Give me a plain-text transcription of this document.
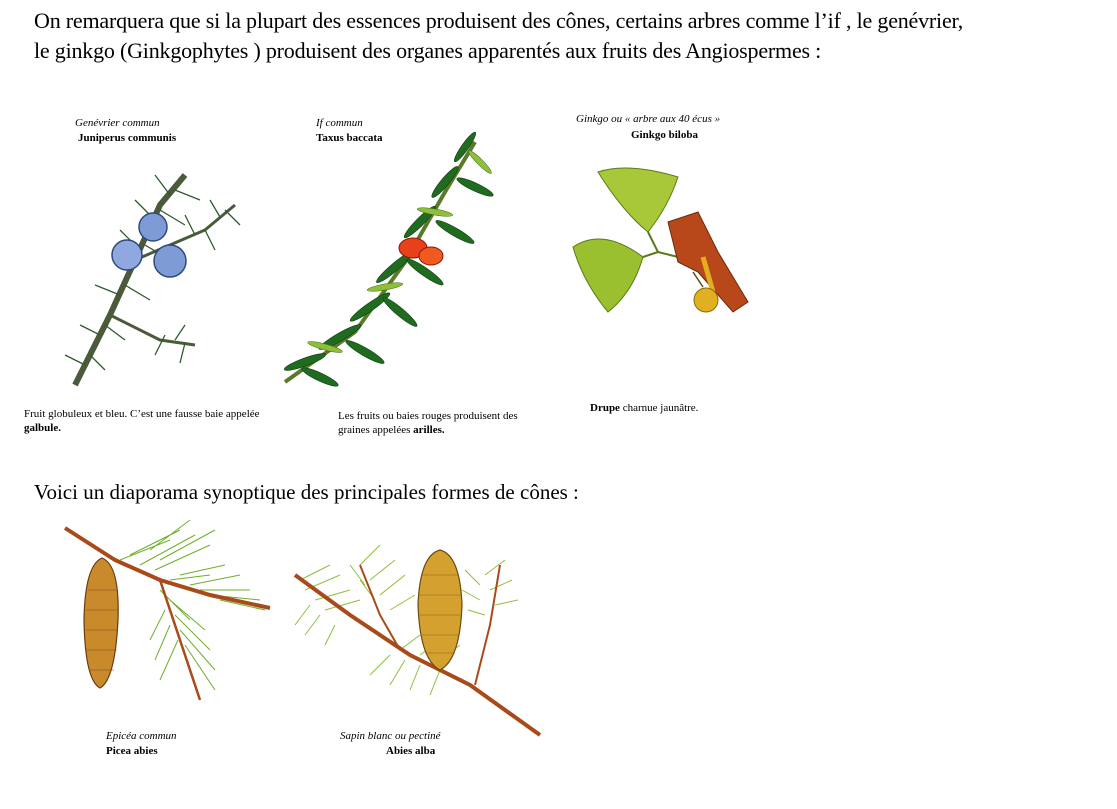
On remarquera que si la plupart des essences produisent des cônes, certains arbres comme l’if , le genévrier,
le ginkgo (Ginkgophytes ) produisent des organes apparentés aux fruits des Angiospermes :
Genévrier commun
Juniperus communis
Fruit globuleux et bleu. C’est une fausse baie appelée galbule.
If commun
Taxus baccata
Les fruits ou baies rouges produisent des graines appelées arilles.
Ginkgo ou « arbre aux 40 écus »
Ginkgo biloba
Drupe charnue jaunâtre.
Voici un diaporama synoptique des principales formes de cônes :
Epicéa commun
Picea abies
Sapin blanc ou pectiné
Abies alba
